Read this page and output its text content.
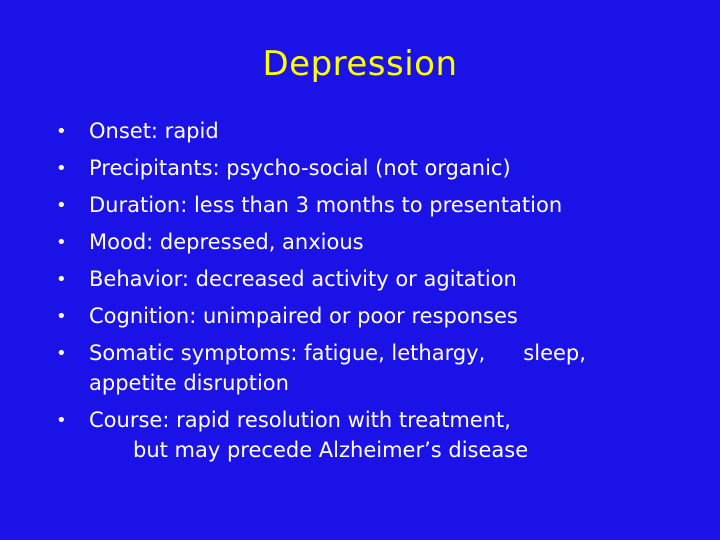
Depression
• Onset: rapid
• Precipitants: psycho-social (not organic)
• Duration: less than 3 months to presentation
• Mood: depressed, anxious
• Behavior: decreased activity or agitation
• Cognition: unimpaired or poor responses
• Somatic symptoms: fatigue, lethargy, sleep,
appetite disruption
• Course: rapid resolution with treatment,
but may precede Alzheimer’s disease
